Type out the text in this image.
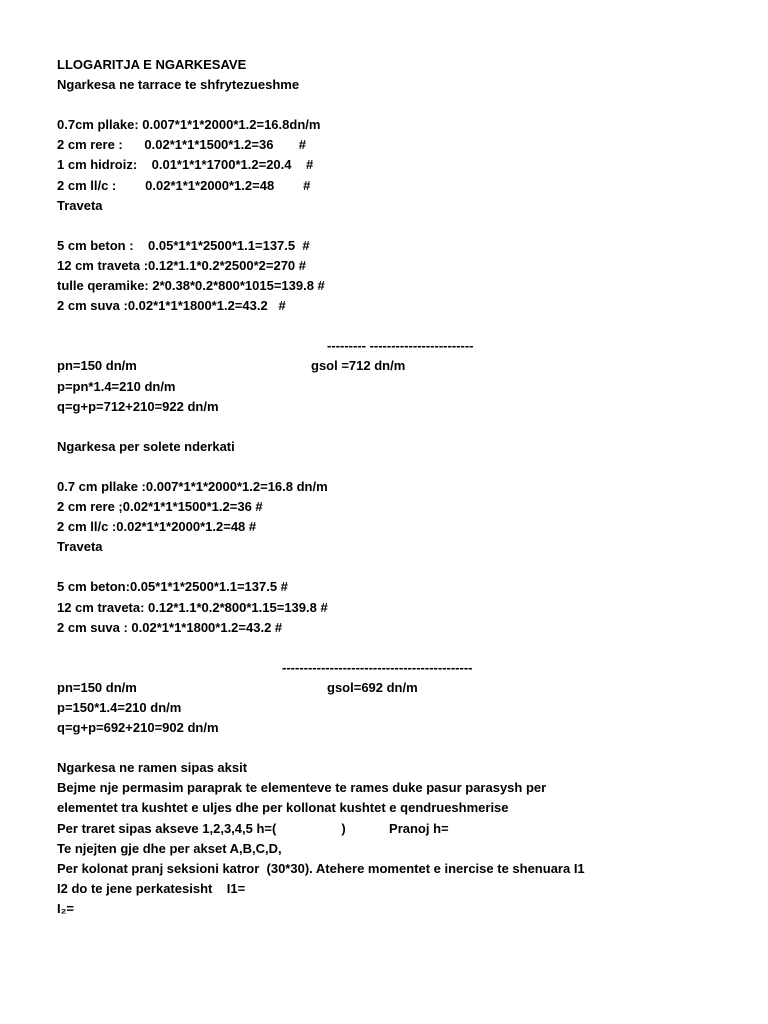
LLOGARITJA E NGARKESAVE
Ngarkesa ne tarrace te shfrytezueshme
0.7cm pllake: 0.007*1*1*2000*1.2=16.8dn/m
2 cm rere :      0.02*1*1*1500*1.2=36       #
1 cm hidroiz:    0.01*1*1*1700*1.2=20.4    #
2 cm ll/c :        0.02*1*1*2000*1.2=48        #
Traveta
5 cm beton :    0.05*1*1*2500*1.1=137.5  #
12 cm traveta :0.12*1.1*0.2*2500*2=270 #
tulle qeramike: 2*0.38*0.2*800*1015=139.8 #
2 cm suva :0.02*1*1*1800*1.2=43.2   #

--------- ------------------------

gsol =712 dn/m

pn=150 dn/m
p=pn*1.4=210 dn/m
q=g+p=712+210=922 dn/m
Ngarkesa per solete nderkati
0.7 cm pllake :0.007*1*1*2000*1.2=16.8 dn/m
2 cm rere ;0.02*1*1*1500*1.2=36 #
2 cm ll/c :0.02*1*1*2000*1.2=48 #
Traveta
5 cm beton:0.05*1*1*2500*1.1=137.5 #
12 cm traveta: 0.12*1.1*0.2*800*1.15=139.8 #
2 cm suva : 0.02*1*1*1800*1.2=43.2 #

--------------------------------------------

gsol=692 dn/m

pn=150 dn/m
p=150*1.4=210 dn/m
q=g+p=692+210=902 dn/m
Ngarkesa ne ramen sipas aksit
Bejme nje permasim paraprak te elementeve te rames duke pasur parasysh per
elementet tra kushtet e uljes dhe per kollonat kushtet e qendrueshmerise
Per traret sipas akseve 1,2,3,4,5 h=(                  )            Pranoj h=
Te njejten gje dhe per akset A,B,C,D,
Per kolonat pranj seksioni katror  (30*30). Atehere momentet e inercise te shenuara I1
I2 do te jene perkatesisht    I1=
I₂=
